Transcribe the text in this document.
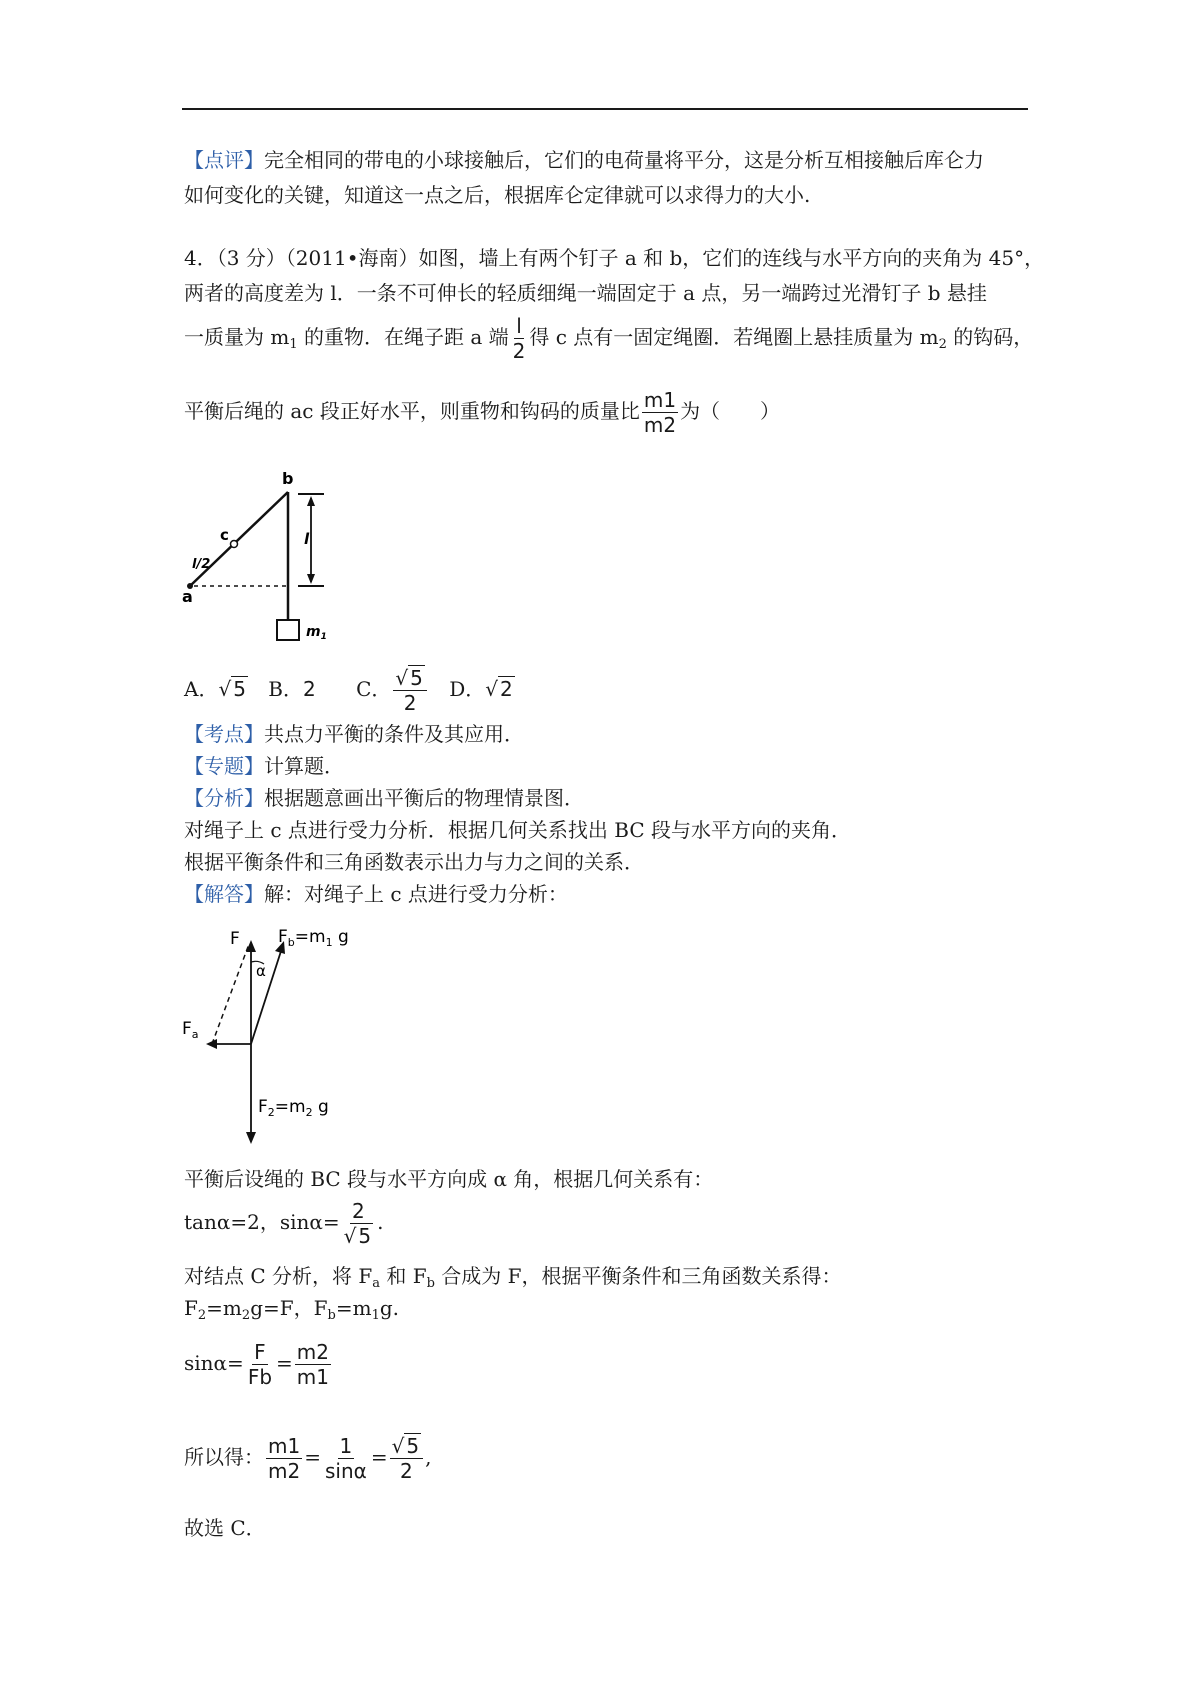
【点评】完全相同的带电的小球接触后，它们的电荷量将平分，这是分析互相接触后库仑力
如何变化的关键，知道这一点之后，根据库仑定律就可以求得力的大小.
4．（3 分）（2011•海南）如图，墙上有两个钉子 a 和 b，它们的连线与水平方向的夹角为 45°，
两者的高度差为 l．一条不可伸长的轻质细绳一端固定于 a 点，另一端跨过光滑钉子 b 悬挂
一质量为 $m_1$ 的重物．在绳子距 a 端 $\frac{l}{2}$ 得 c 点有一固定绳圈．若绳圈上悬挂质量为 $m_2$ 的钩码，
平衡后绳的 ac 段正好水平，则重物和钩码的质量比 $\frac{m1}{m2}$ 为（　　）
b
a
c
l/2
l
$m_1$
A．√ 5 B．2 C． $\frac{√ 5}{2}$ D．√ 2
【考点】共点力平衡的条件及其应用．
【专题】计算题．
【分析】根据题意画出平衡后的物理情景图．
对绳子上 c 点进行受力分析．根据几何关系找出 BC 段与水平方向的夹角．
根据平衡条件和三角函数表示出力与力之间的关系．
【解答】解：对绳子上 c 点进行受力分析：
F $F_b=m_1$ g
α
$F_a$
$F_2=m_2$ g
平衡后设绳的 BC 段与水平方向成 α 角，根据几何关系有：
tanα=2，$\sin\alpha= \frac{2}{√ 5}$ .
对结点 C 分析，将 $F_a$ 和 $F_b$ 合成为 F，根据平衡条件和三角函数关系得：
$F_2=m_2g=F$，$F_b=m_1g$.
$\sin\alpha= \frac{F}{Fb} = \frac{m2}{m1}$
所以得： $\frac{m1}{m2} = \frac{1}{\sin\alpha} = \frac{√ 5}{2}$ ,
故选 C．
